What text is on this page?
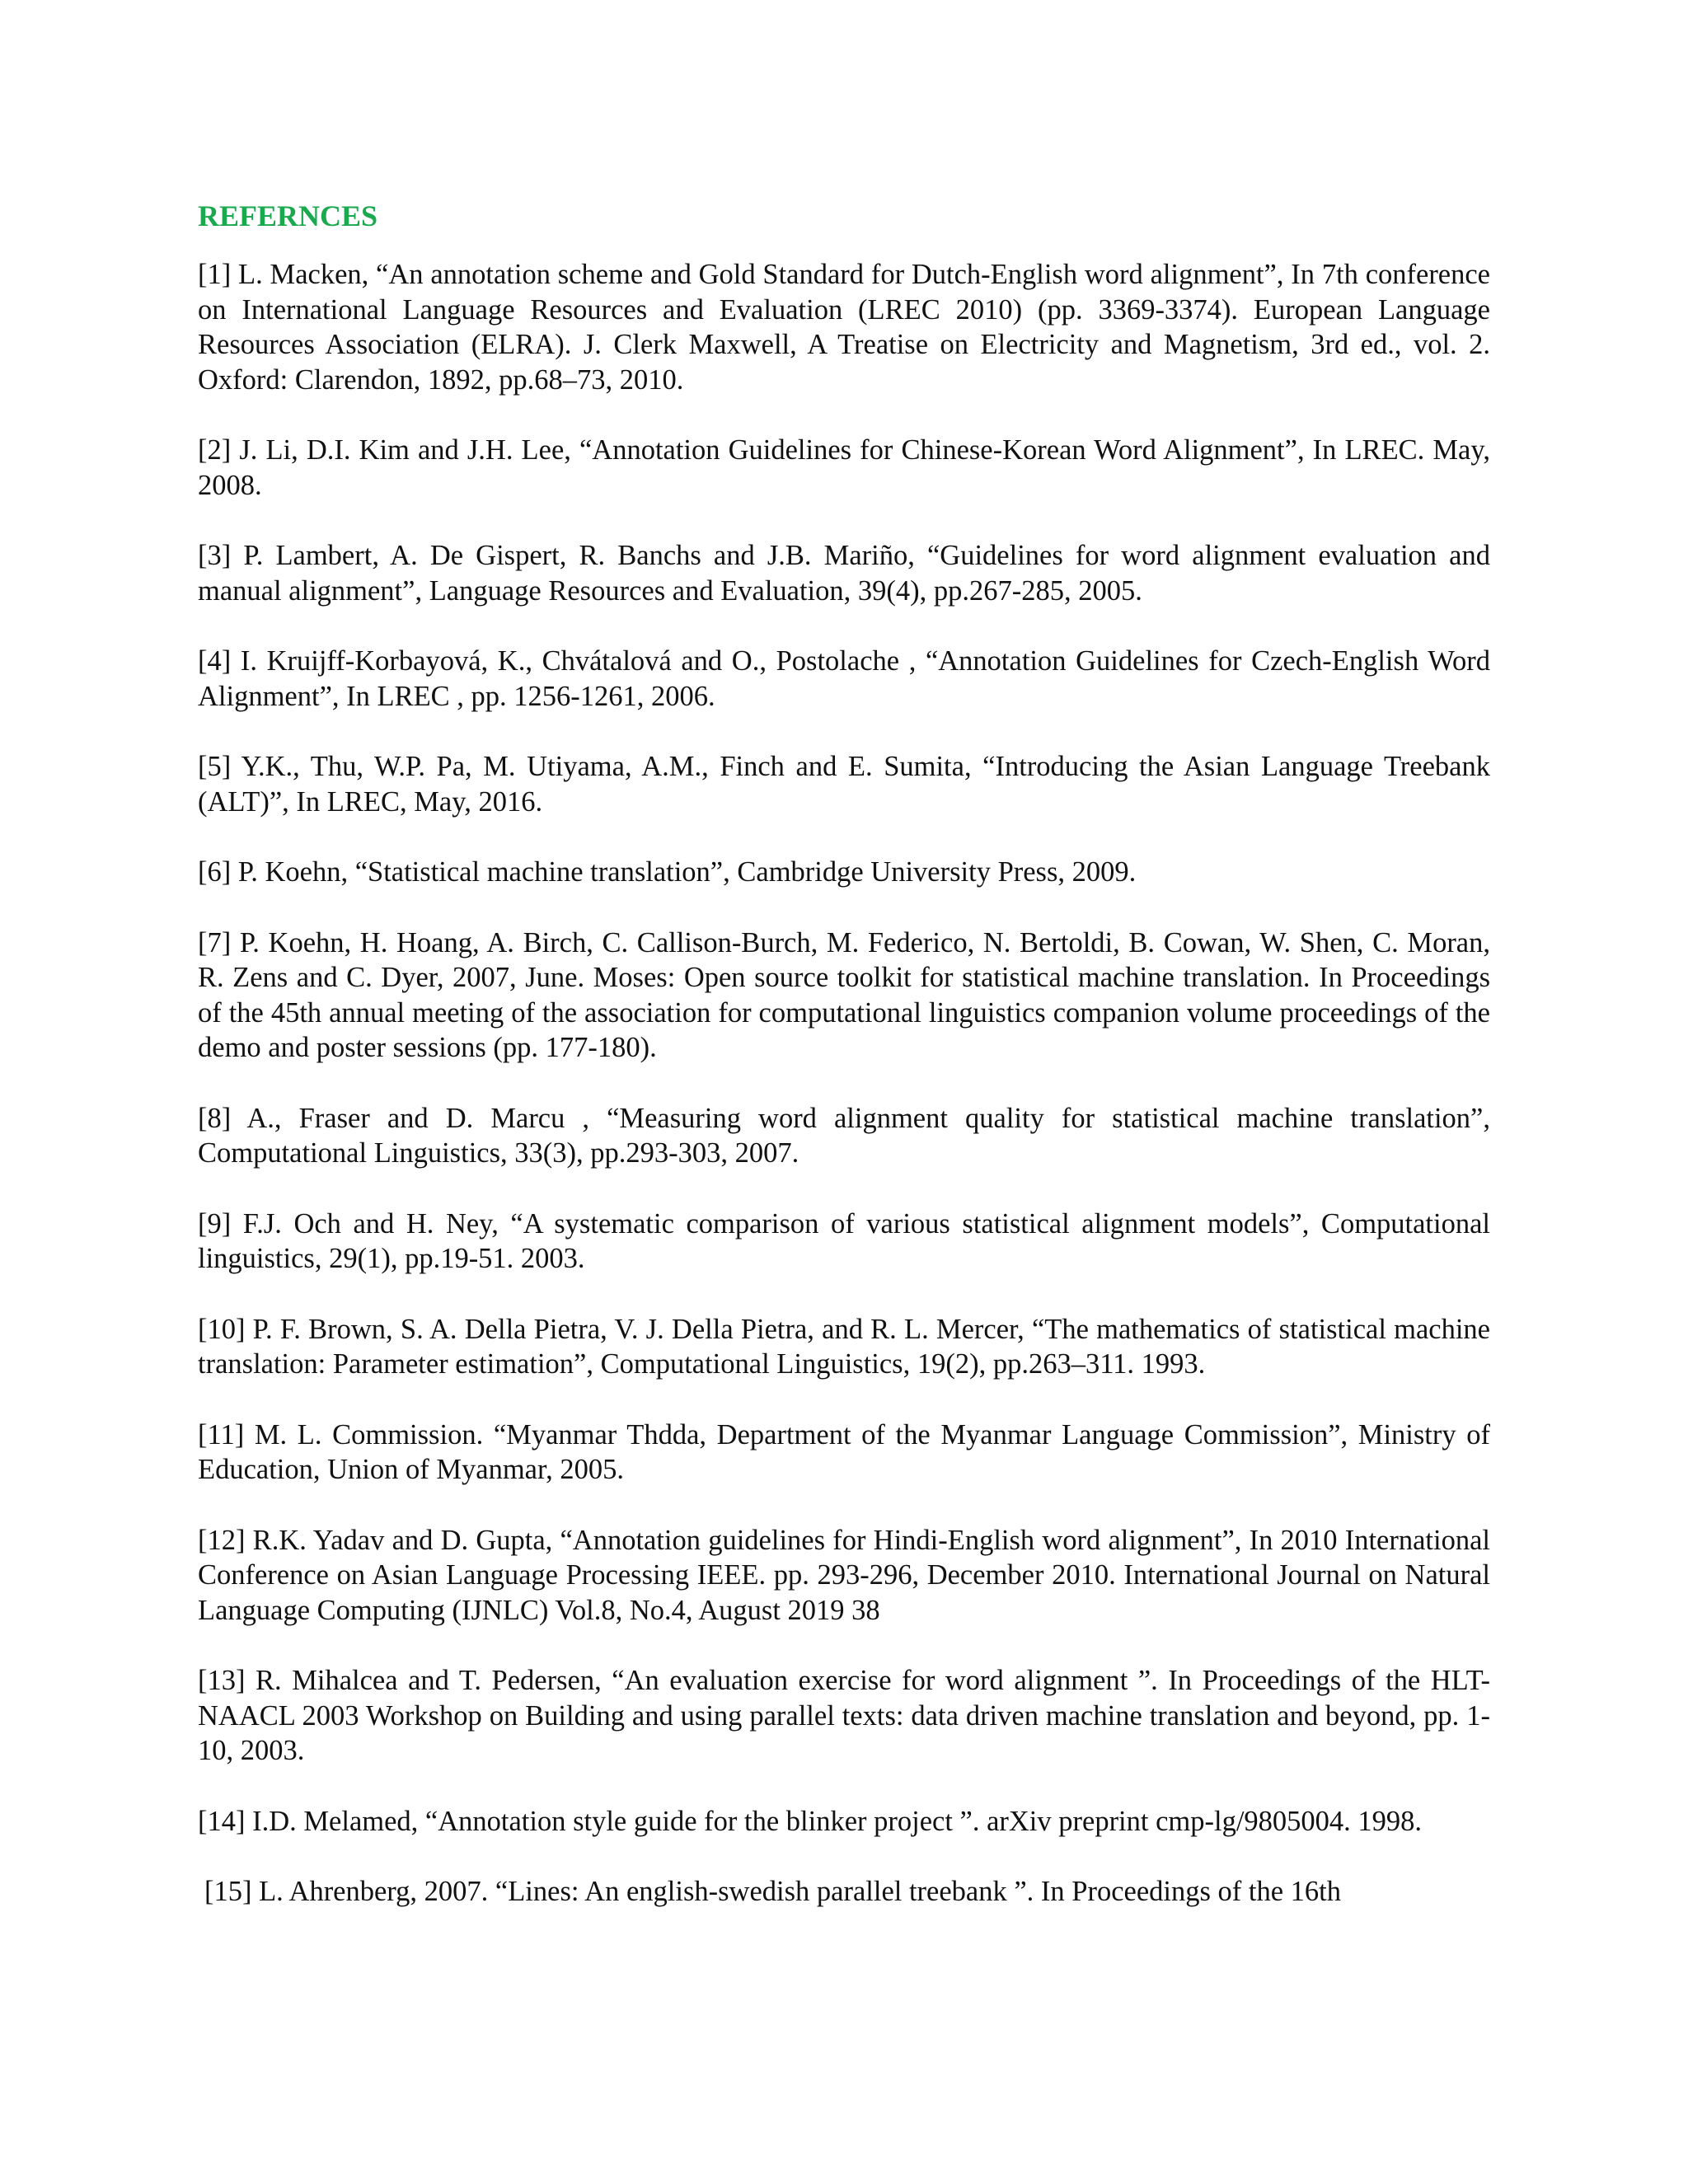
REFERNCES

[1] L. Macken, “An annotation scheme and Gold Standard for Dutch-English word alignment”, In 7th conference on International Language Resources and Evaluation (LREC 2010) (pp. 3369-3374). European Language Resources Association (ELRA). J. Clerk Maxwell, A Treatise on Electricity and Magnetism, 3rd ed., vol. 2. Oxford: Clarendon, 1892, pp.68–73, 2010.

[2] J. Li, D.I. Kim and J.H. Lee, “Annotation Guidelines for Chinese-Korean Word Alignment”, In LREC. May, 2008.

[3] P. Lambert, A. De Gispert, R. Banchs and J.B. Mariño, “Guidelines for word alignment evaluation and manual alignment”, Language Resources and Evaluation, 39(4), pp.267-285, 2005.

[4] I. Kruijff-Korbayová, K., Chvátalová and O., Postolache , “Annotation Guidelines for Czech-English Word Alignment”, In LREC , pp. 1256-1261, 2006.

[5] Y.K., Thu, W.P. Pa, M. Utiyama, A.M., Finch and E. Sumita, “Introducing the Asian Language Treebank (ALT)”, In LREC, May, 2016.

[6] P. Koehn, “Statistical machine translation”, Cambridge University Press, 2009.

[7] P. Koehn, H. Hoang, A. Birch, C. Callison-Burch, M. Federico, N. Bertoldi, B. Cowan, W. Shen, C. Moran, R. Zens and C. Dyer, 2007, June. Moses: Open source toolkit for statistical machine translation. In Proceedings of the 45th annual meeting of the association for computational linguistics companion volume proceedings of the demo and poster sessions (pp. 177-180).

[8] A., Fraser and D. Marcu , “Measuring word alignment quality for statistical machine translation”, Computational Linguistics, 33(3), pp.293-303, 2007.

[9] F.J. Och and H. Ney, “A systematic comparison of various statistical alignment models”, Computational linguistics, 29(1), pp.19-51. 2003.

[10] P. F. Brown, S. A. Della Pietra, V. J. Della Pietra, and R. L. Mercer, “The mathematics of statistical machine translation: Parameter estimation”, Computational Linguistics, 19(2), pp.263–311. 1993.

[11] M. L. Commission. “Myanmar Thdda, Department of the Myanmar Language Commission”, Ministry of Education, Union of Myanmar, 2005.

[12] R.K. Yadav and D. Gupta, “Annotation guidelines for Hindi-English word alignment”, In 2010 International Conference on Asian Language Processing IEEE. pp. 293-296, December 2010. International Journal on Natural Language Computing (IJNLC) Vol.8, No.4, August 2019 38

[13] R. Mihalcea and T. Pedersen, “An evaluation exercise for word alignment ”. In Proceedings of the HLT-NAACL 2003 Workshop on Building and using parallel texts: data driven machine translation and beyond, pp. 1-10, 2003.

[14] I.D. Melamed, “Annotation style guide for the blinker project ”. arXiv preprint cmp-lg/9805004. 1998.

[15] L. Ahrenberg, 2007. “Lines: An english-swedish parallel treebank ”. In Proceedings of the 16th
